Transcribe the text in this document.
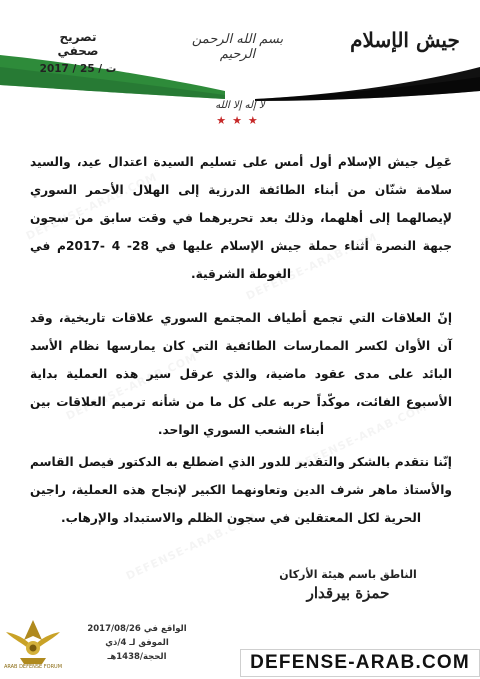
تصريح صحفي
2017 / 25 / ت
بسم الله الرحمن الرحيم
جيش الإسلام
لا إله إلا الله
★★★
عَمِل جيش الإسلام أول أمس على تسليم السيدة اعتدال عيد، والسيد سلامة شنّان من أبناء الطائفة الدرزية إلى الهلال الأحمر السوري لإيصالهما إلى أهلهما، وذلك بعد تحريرهما في وقت سابق من سجون جبهة النصرة أثناء حملة جيش الإسلام عليها في 28- 4 -2017م في الغوطة الشرقية.
إنّ العلاقات التي تجمع أطياف المجتمع السوري علاقات تاريخية، وقد آن الأوان لكسر الممارسات الطائفية التي كان يمارسها نظام الأسد البائد على مدى عقود ماضية، والذي عرقل سير هذه العملية بداية الأسبوع الفائت، موكّداً حربه على كل ما من شأنه ترميم العلاقات بين أبناء الشعب السوري الواحد.
إنّنا نتقدم بالشكر والتقدير للدور الذي اضطلع به الدكتور فيصل القاسم والأستاذ ماهر شرف الدين وتعاونهما الكبير لإنجاح هذه العملية، راجين الحرية لكل المعتقلين في سجون الظلم والاستبداد والإرهاب.
الناطق باسم هيئة الأركان
حمزة بيرقدار
الواقع في 2017/08/26
الموفق لـ 4/ذي الحجة/1438هـ
ARAB DEFENSE FORUM	DEFENSE-ARAB.COM
